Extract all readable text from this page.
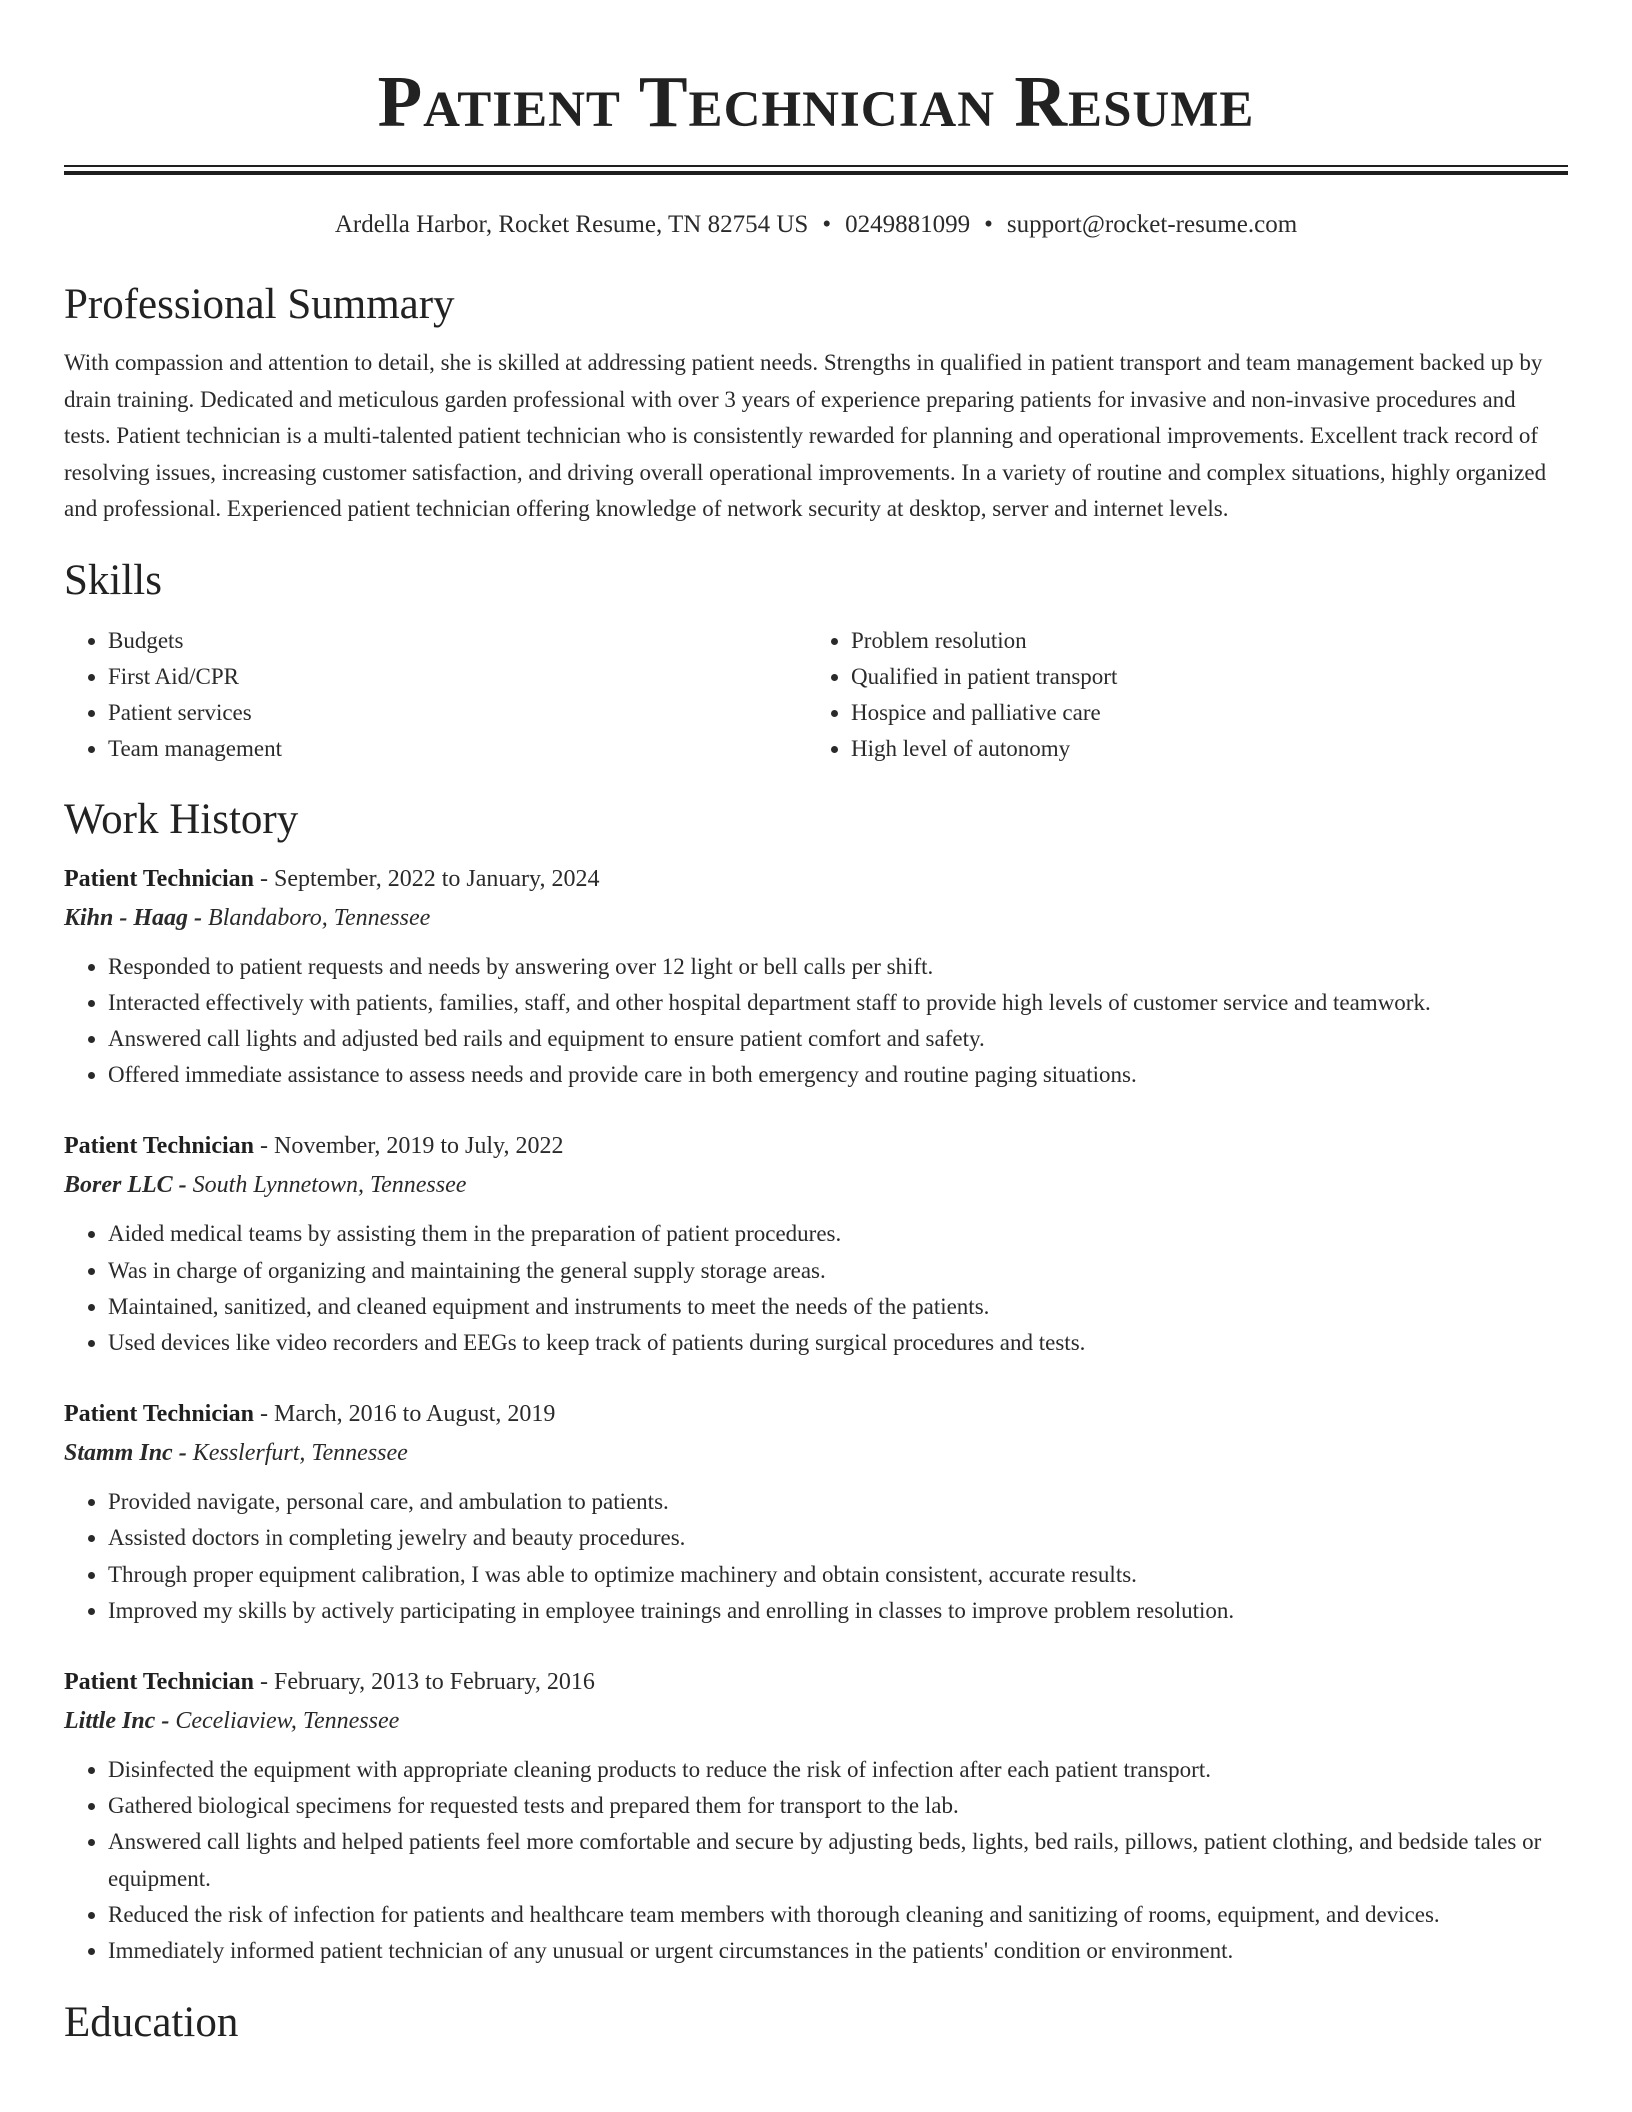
Patient Technician Resume
Ardella Harbor, Rocket Resume, TN 82754 US • 0249881099 • support@rocket-resume.com
Professional Summary

With compassion and attention to detail, she is skilled at addressing patient needs. Strengths in qualified in patient transport and team management backed up by drain training. Dedicated and meticulous garden professional with over 3 years of experience preparing patients for invasive and non-invasive procedures and tests. Patient technician is a multi-talented patient technician who is consistently rewarded for planning and operational improvements. Excellent track record of resolving issues, increasing customer satisfaction, and driving overall operational improvements. In a variety of routine and complex situations, highly organized and professional. Experienced patient technician offering knowledge of network security at desktop, server and internet levels.

Skills
• Budgets
• First Aid/CPR
• Patient services
• Team management
• Problem resolution
• Qualified in patient transport
• Hospice and palliative care
• High level of autonomy
Work History
Patient Technician - September, 2022 to January, 2024
Kihn - Haag - Blandaboro, Tennessee
• Responded to patient requests and needs by answering over 12 light or bell calls per shift.
• Interacted effectively with patients, families, staff, and other hospital department staff to provide high levels of customer service and teamwork.
• Answered call lights and adjusted bed rails and equipment to ensure patient comfort and safety.
• Offered immediate assistance to assess needs and provide care in both emergency and routine paging situations.
Patient Technician - November, 2019 to July, 2022
Borer LLC - South Lynnetown, Tennessee
• Aided medical teams by assisting them in the preparation of patient procedures.
• Was in charge of organizing and maintaining the general supply storage areas.
• Maintained, sanitized, and cleaned equipment and instruments to meet the needs of the patients.
• Used devices like video recorders and EEGs to keep track of patients during surgical procedures and tests.
Patient Technician - March, 2016 to August, 2019
Stamm Inc - Kesslerfurt, Tennessee
• Provided navigate, personal care, and ambulation to patients.
• Assisted doctors in completing jewelry and beauty procedures.
• Through proper equipment calibration, I was able to optimize machinery and obtain consistent, accurate results.
• Improved my skills by actively participating in employee trainings and enrolling in classes to improve problem resolution.
Patient Technician - February, 2013 to February, 2016
Little Inc - Ceceliaview, Tennessee
• Disinfected the equipment with appropriate cleaning products to reduce the risk of infection after each patient transport.
• Gathered biological specimens for requested tests and prepared them for transport to the lab.
• Answered call lights and helped patients feel more comfortable and secure by adjusting beds, lights, bed rails, pillows, patient clothing, and bedside tales or equipment.
• Reduced the risk of infection for patients and healthcare team members with thorough cleaning and sanitizing of rooms, equipment, and devices.
• Immediately informed patient technician of any unusual or urgent circumstances in the patients' condition or environment.
Education
